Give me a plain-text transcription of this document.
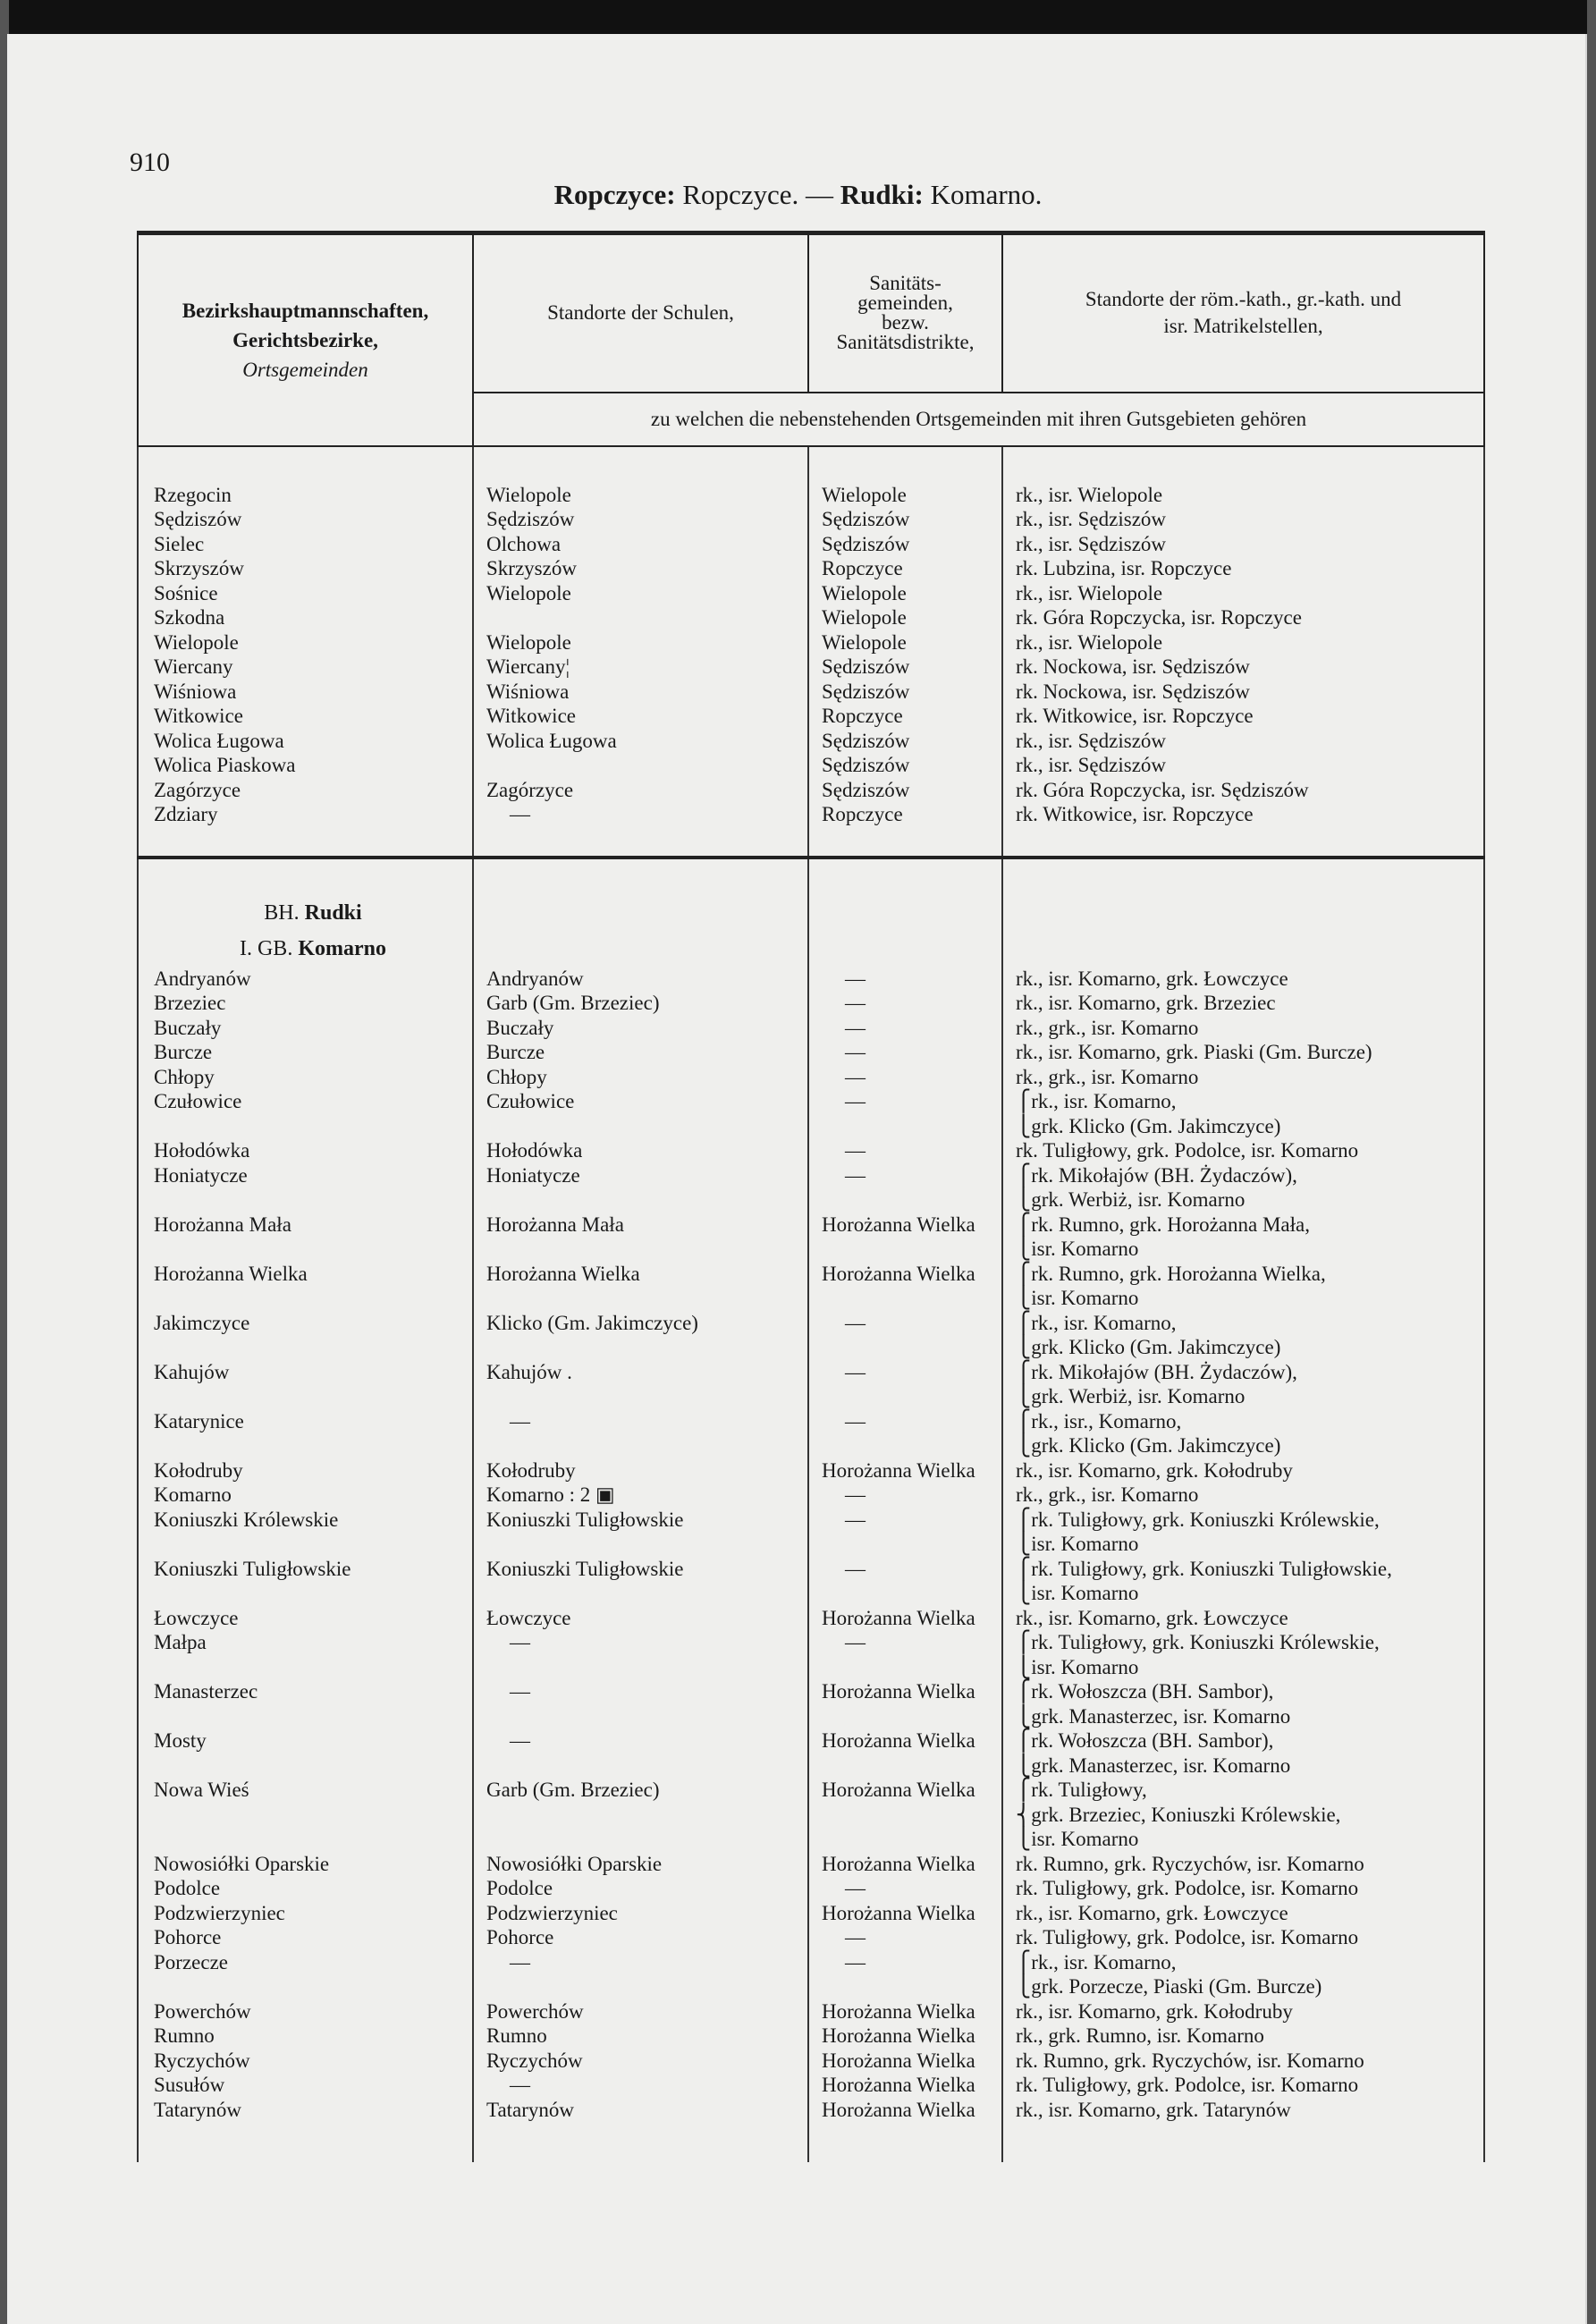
910
Ropczyce: Ropczyce. — Rudki: Komarno.
Bezirkshauptmannschaften,
Gerichtsbezirke,
Ortsgemeinden	Standorte der Schulen,	Sanitäts-
gemeinden,
bezw.
Sanitätsdistrikte,	Standorte der röm.-kath., gr.-kath. und
isr. Matrikelstellen,
	zu welchen die nebenstehenden Ortsgemeinden mit ihren Gutsgebieten gehören		

Rzegocin	Wielopole	Wielopole	rk., isr. Wielopole
Sędziszów	Sędziszów	Sędziszów	rk., isr. Sędziszów
Sielec	Olchowa	Sędziszów	rk., isr. Sędziszów
Skrzyszów	Skrzyszów	Ropczyce	rk. Lubzina, isr. Ropczyce
Sośnice	Wielopole	Wielopole	rk., isr. Wielopole
Szkodna		Wielopole	rk. Góra Ropczycka, isr. Ropczyce
Wielopole	Wielopole	Wielopole	rk., isr. Wielopole
Wiercany	Wiercany¦	Sędziszów	rk. Nockowa, isr. Sędziszów
Wiśniowa	Wiśniowa	Sędziszów	rk. Nockowa, isr. Sędziszów
Witkowice	Witkowice	Ropczyce	rk. Witkowice, isr. Ropczyce
Wolica Ługowa	Wolica Ługowa	Sędziszów	rk., isr. Sędziszów
Wolica Piaskowa		Sędziszów	rk., isr. Sędziszów
Zagórzyce	Zagórzyce	Sędziszów	rk. Góra Ropczycka, isr. Sędziszów
Zdziary	—	Ropczyce	rk. Witkowice, isr. Ropczyce

BH. Rudki			
I. GB. Komarno			
Andryanów	Andryanów	—	rk., isr. Komarno, grk. Łowczyce
Brzeziec	Garb (Gm. Brzeziec)	—	rk., isr. Komarno, grk. Brzeziec
Buczały	Buczały	—	rk., grk., isr. Komarno
Burcze	Burcze	—	rk., isr. Komarno, grk. Piaski (Gm. Burcze)
Chłopy	Chłopy	—	rk., grk., isr. Komarno
Czułowice	Czułowice	—	⎧rk., isr. Komarno,
⎩grk. Klicko (Gm. Jakimczyce)
Hołodówka	Hołodówka	—	rk. Tuligłowy, grk. Podolce, isr. Komarno
Honiatycze	Honiatycze	—	⎧rk. Mikołajów (BH. Żydaczów),
⎩grk. Werbiż, isr. Komarno
Horożanna Mała	Horożanna Mała	Horożanna Wielka	⎧rk. Rumno, grk. Horożanna Mała,
⎩isr. Komarno
Horożanna Wielka	Horożanna Wielka	Horożanna Wielka	⎧rk. Rumno, grk. Horożanna Wielka,
⎩isr. Komarno
Jakimczyce	Klicko (Gm. Jakimczyce)	—	⎧rk., isr. Komarno,
⎩grk. Klicko (Gm. Jakimczyce)
Kahujów	Kahujów .	—	⎧rk. Mikołajów (BH. Żydaczów),
⎩grk. Werbiż, isr. Komarno
Katarynice	—	—	⎧rk., isr., Komarno,
⎩grk. Klicko (Gm. Jakimczyce)
Kołodruby	Kołodruby	Horożanna Wielka	rk., isr. Komarno, grk. Kołodruby
Komarno	Komarno : 2 ▣	—	rk., grk., isr. Komarno
Koniuszki Królewskie	Koniuszki Tuligłowskie	—	⎧rk. Tuligłowy, grk. Koniuszki Królewskie,
⎩isr. Komarno
Koniuszki Tuligłowskie	Koniuszki Tuligłowskie	—	⎧rk. Tuligłowy, grk. Koniuszki Tuligłowskie,
⎩isr. Komarno
Łowczyce	Łowczyce	Horożanna Wielka	rk., isr. Komarno, grk. Łowczyce
Małpa	—	—	⎧rk. Tuligłowy, grk. Koniuszki Królewskie,
⎩isr. Komarno
Manasterzec	—	Horożanna Wielka	⎧rk. Wołoszcza (BH. Sambor),
⎩grk. Manasterzec, isr. Komarno
Mosty	—	Horożanna Wielka	⎧rk. Wołoszcza (BH. Sambor),
⎩grk. Manasterzec, isr. Komarno
Nowa Wieś	Garb (Gm. Brzeziec)	Horożanna Wielka	⎧rk. Tuligłowy,
⎨grk. Brzeziec, Koniuszki Królewskie,
⎩isr. Komarno
Nowosiółki Oparskie	Nowosiółki Oparskie	Horożanna Wielka	rk. Rumno, grk. Ryczychów, isr. Komarno
Podolce	Podolce	—	rk. Tuligłowy, grk. Podolce, isr. Komarno
Podzwierzyniec	Podzwierzyniec	Horożanna Wielka	rk., isr. Komarno, grk. Łowczyce
Pohorce	Pohorce	—	rk. Tuligłowy, grk. Podolce, isr. Komarno
Porzecze	—	—	⎧rk., isr. Komarno,
⎩grk. Porzecze, Piaski (Gm. Burcze)
Powerchów	Powerchów	Horożanna Wielka	rk., isr. Komarno, grk. Kołodruby
Rumno	Rumno	Horożanna Wielka	rk., grk. Rumno, isr. Komarno
Ryczychów	Ryczychów	Horożanna Wielka	rk. Rumno, grk. Ryczychów, isr. Komarno
Susułów	—	Horożanna Wielka	rk. Tuligłowy, grk. Podolce, isr. Komarno
Tatarynów	Tatarynów	Horożanna Wielka	rk., isr. Komarno, grk. Tatarynów
